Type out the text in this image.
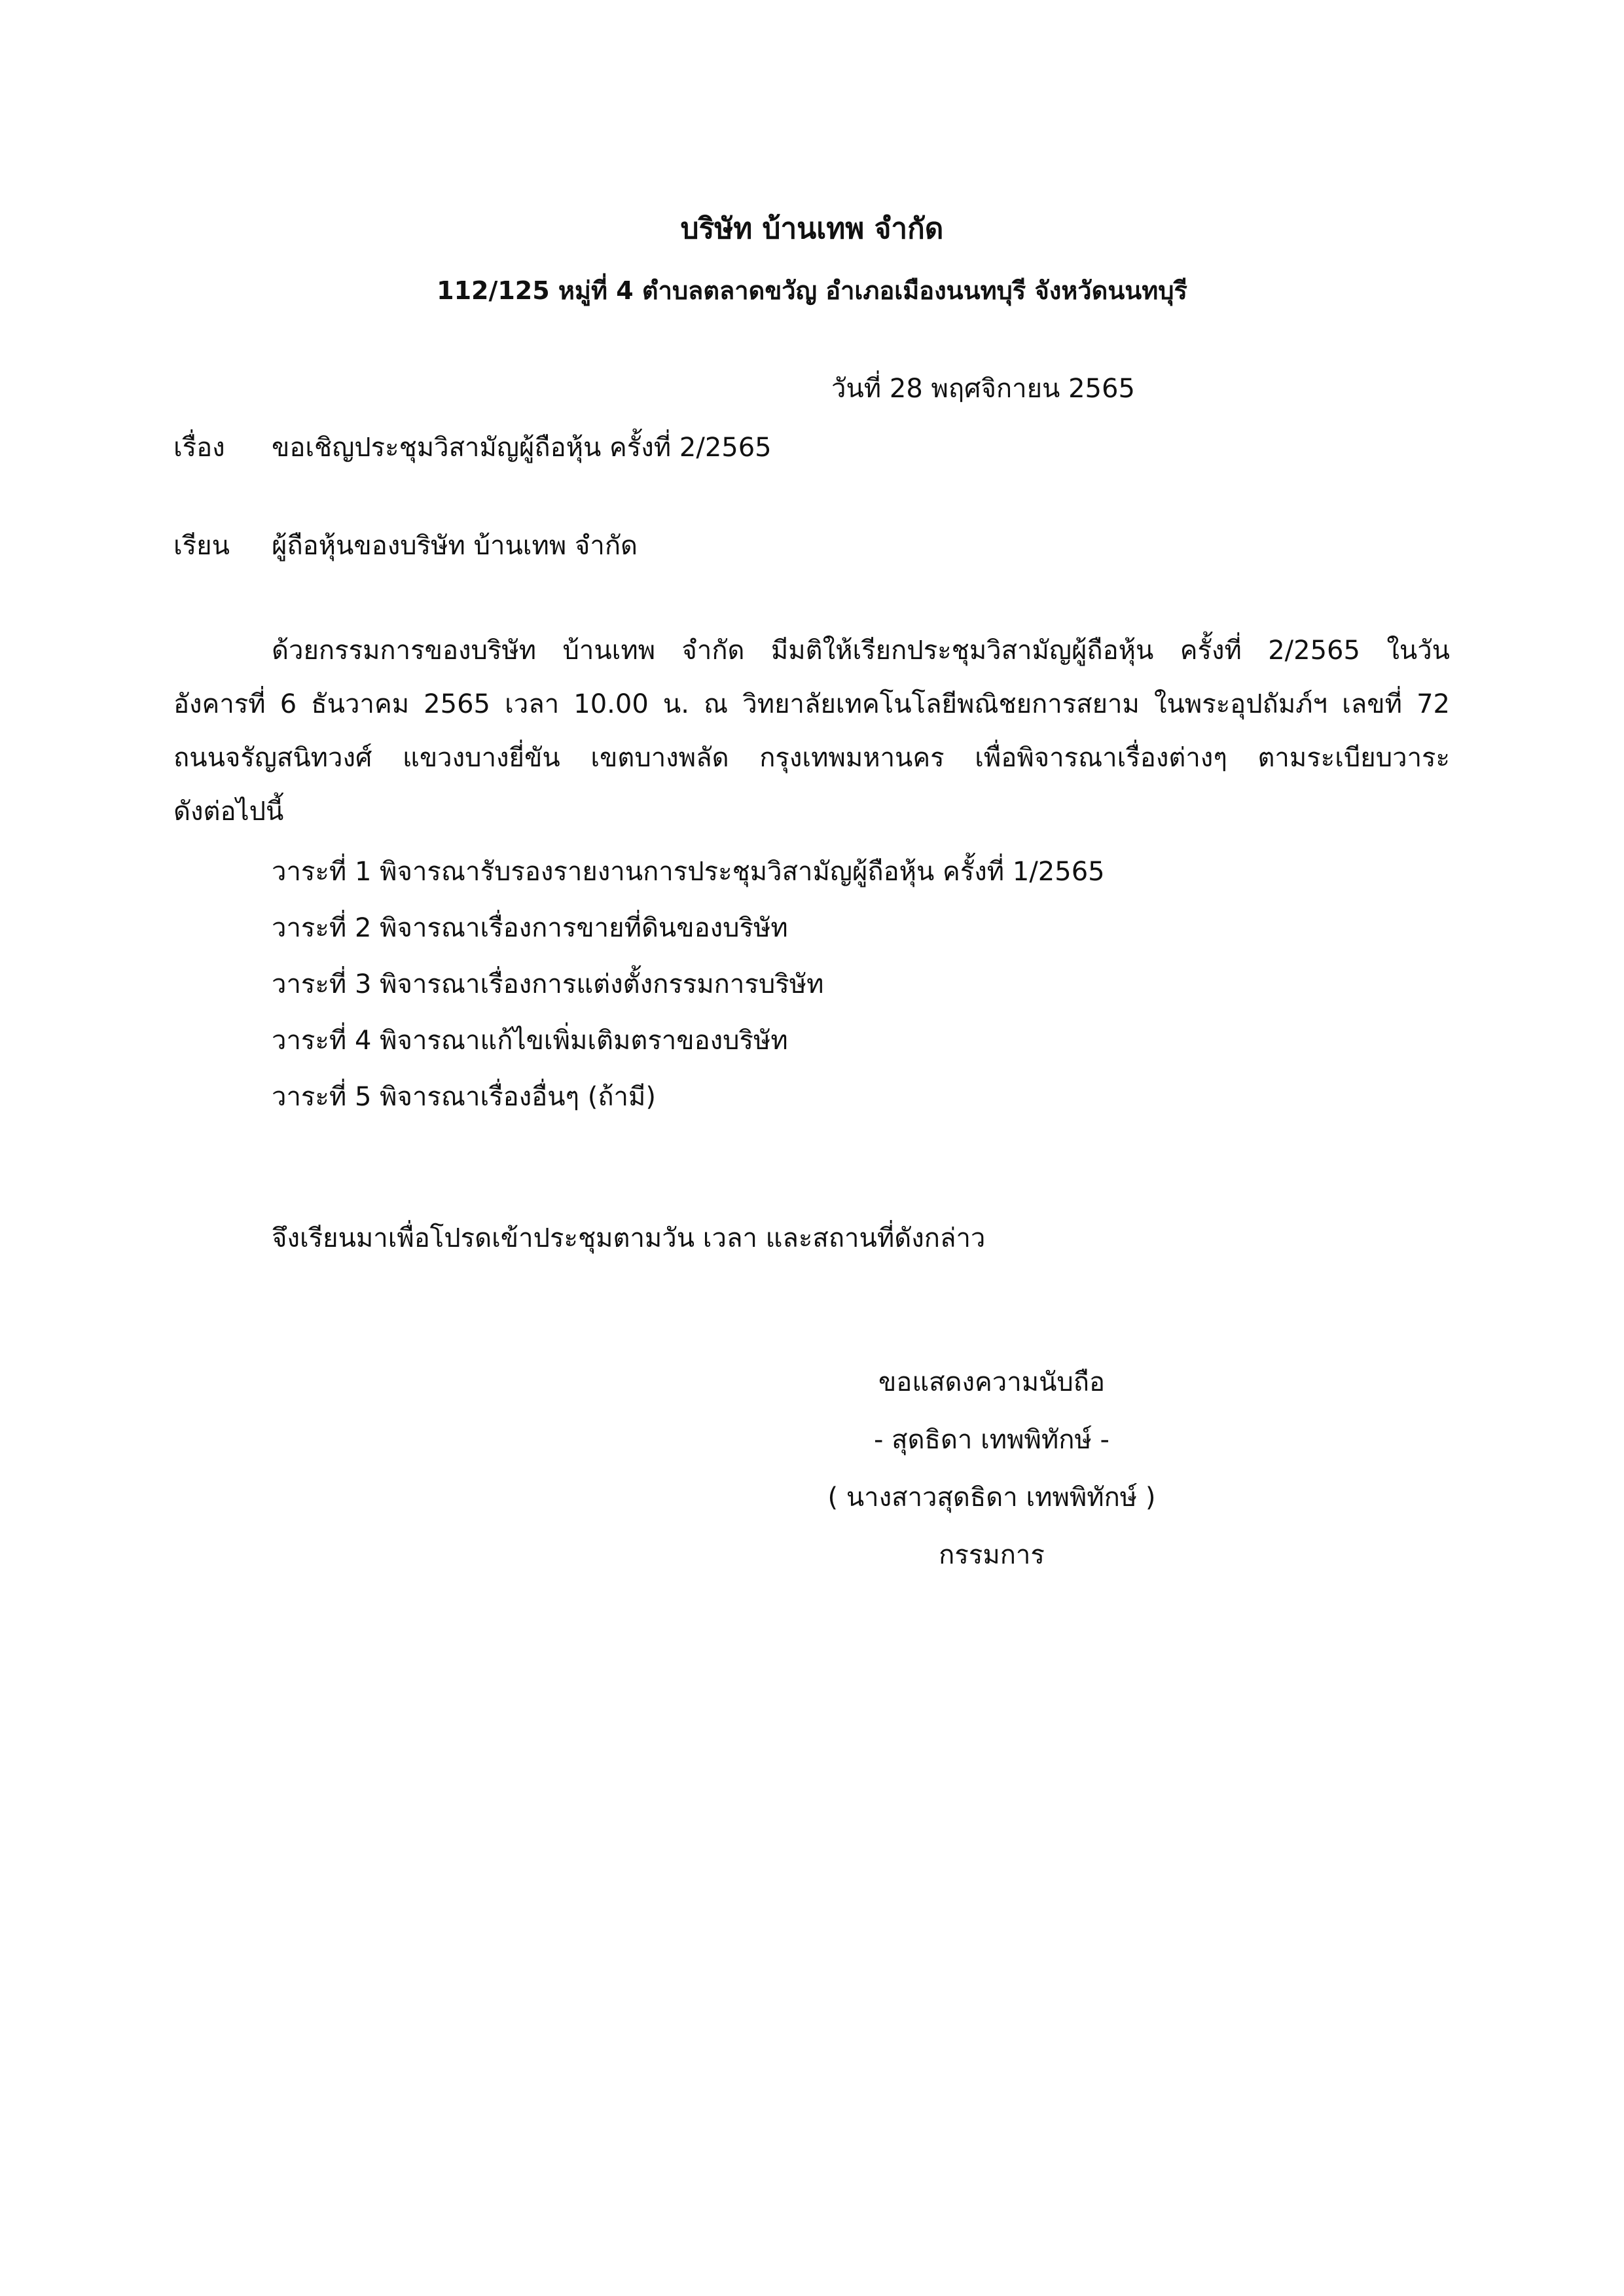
บริษัท บ้านเทพ จำกัด
112/125 หมู่ที่ 4 ตำบลตลาดขวัญ อำเภอเมืองนนทบุรี จังหวัดนนทบุรี
วันที่ 28 พฤศจิกายน 2565
เรื่อง ขอเชิญประชุมวิสามัญผู้ถือหุ้น ครั้งที่ 2/2565
เรียน ผู้ถือหุ้นของบริษัท บ้านเทพ จำกัด
ด้วยกรรมการของบริษัท บ้านเทพ จำกัด มีมติให้เรียกประชุมวิสามัญผู้ถือหุ้น ครั้งที่ 2/2565 ในวัน
อังคารที่ 6 ธันวาคม 2565 เวลา 10.00 น. ณ วิทยาลัยเทคโนโลยีพณิชยการสยาม ในพระอุปถัมภ์ฯ เลขที่ 72
ถนนจรัญสนิทวงศ์ แขวงบางยี่ขัน เขตบางพลัด กรุงเทพมหานคร เพื่อพิจารณาเรื่องต่างๆ ตามระเบียบวาระ
ดังต่อไปนี้
วาระที่ 1 พิจารณารับรองรายงานการประชุมวิสามัญผู้ถือหุ้น ครั้งที่ 1/2565
วาระที่ 2 พิจารณาเรื่องการขายที่ดินของบริษัท
วาระที่ 3 พิจารณาเรื่องการแต่งตั้งกรรมการบริษัท
วาระที่ 4 พิจารณาแก้ไขเพิ่มเติมตราของบริษัท
วาระที่ 5 พิจารณาเรื่องอื่นๆ (ถ้ามี)
จึงเรียนมาเพื่อโปรดเข้าประชุมตามวัน เวลา และสถานที่ดังกล่าว
ขอแสดงความนับถือ
- สุดธิดา เทพพิทักษ์ -
( นางสาวสุดธิดา เทพพิทักษ์ )
กรรมการ
